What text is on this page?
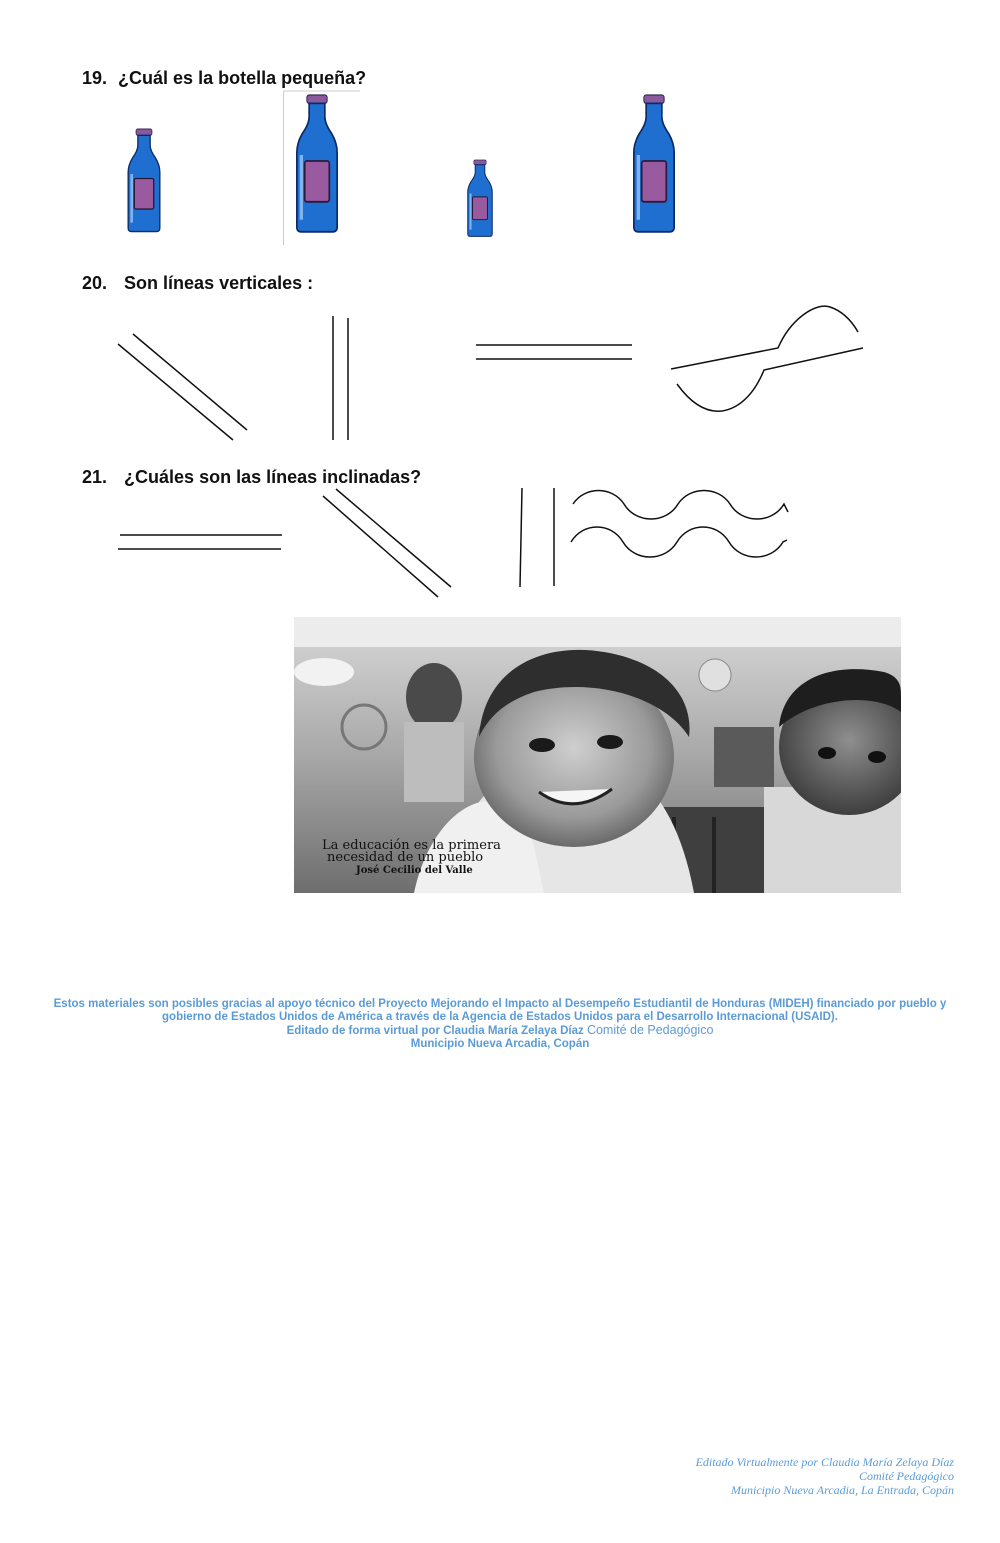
19. ¿Cuál es la botella pequeña?
20. Son líneas verticales :
21. ¿Cuáles son las líneas inclinadas?
La educación es la primera
necesidad de un pueblo
José Cecilio del Valle
Estos materiales son posibles gracias al apoyo técnico del Proyecto Mejorando el Impacto al Desempeño Estudiantil de Honduras (MIDEH) financiado por pueblo y
gobierno de Estados Unidos de América a través de la Agencia de Estados Unidos para el Desarrollo Internacional (USAID).
Editado de forma virtual por Claudia María Zelaya Díaz Comité de Pedagógico
Municipio Nueva Arcadia, Copán
Editado Virtualmente por Claudia María Zelaya Díaz
Comité Pedagógico
Municipio Nueva Arcadia, La Entrada, Copán
